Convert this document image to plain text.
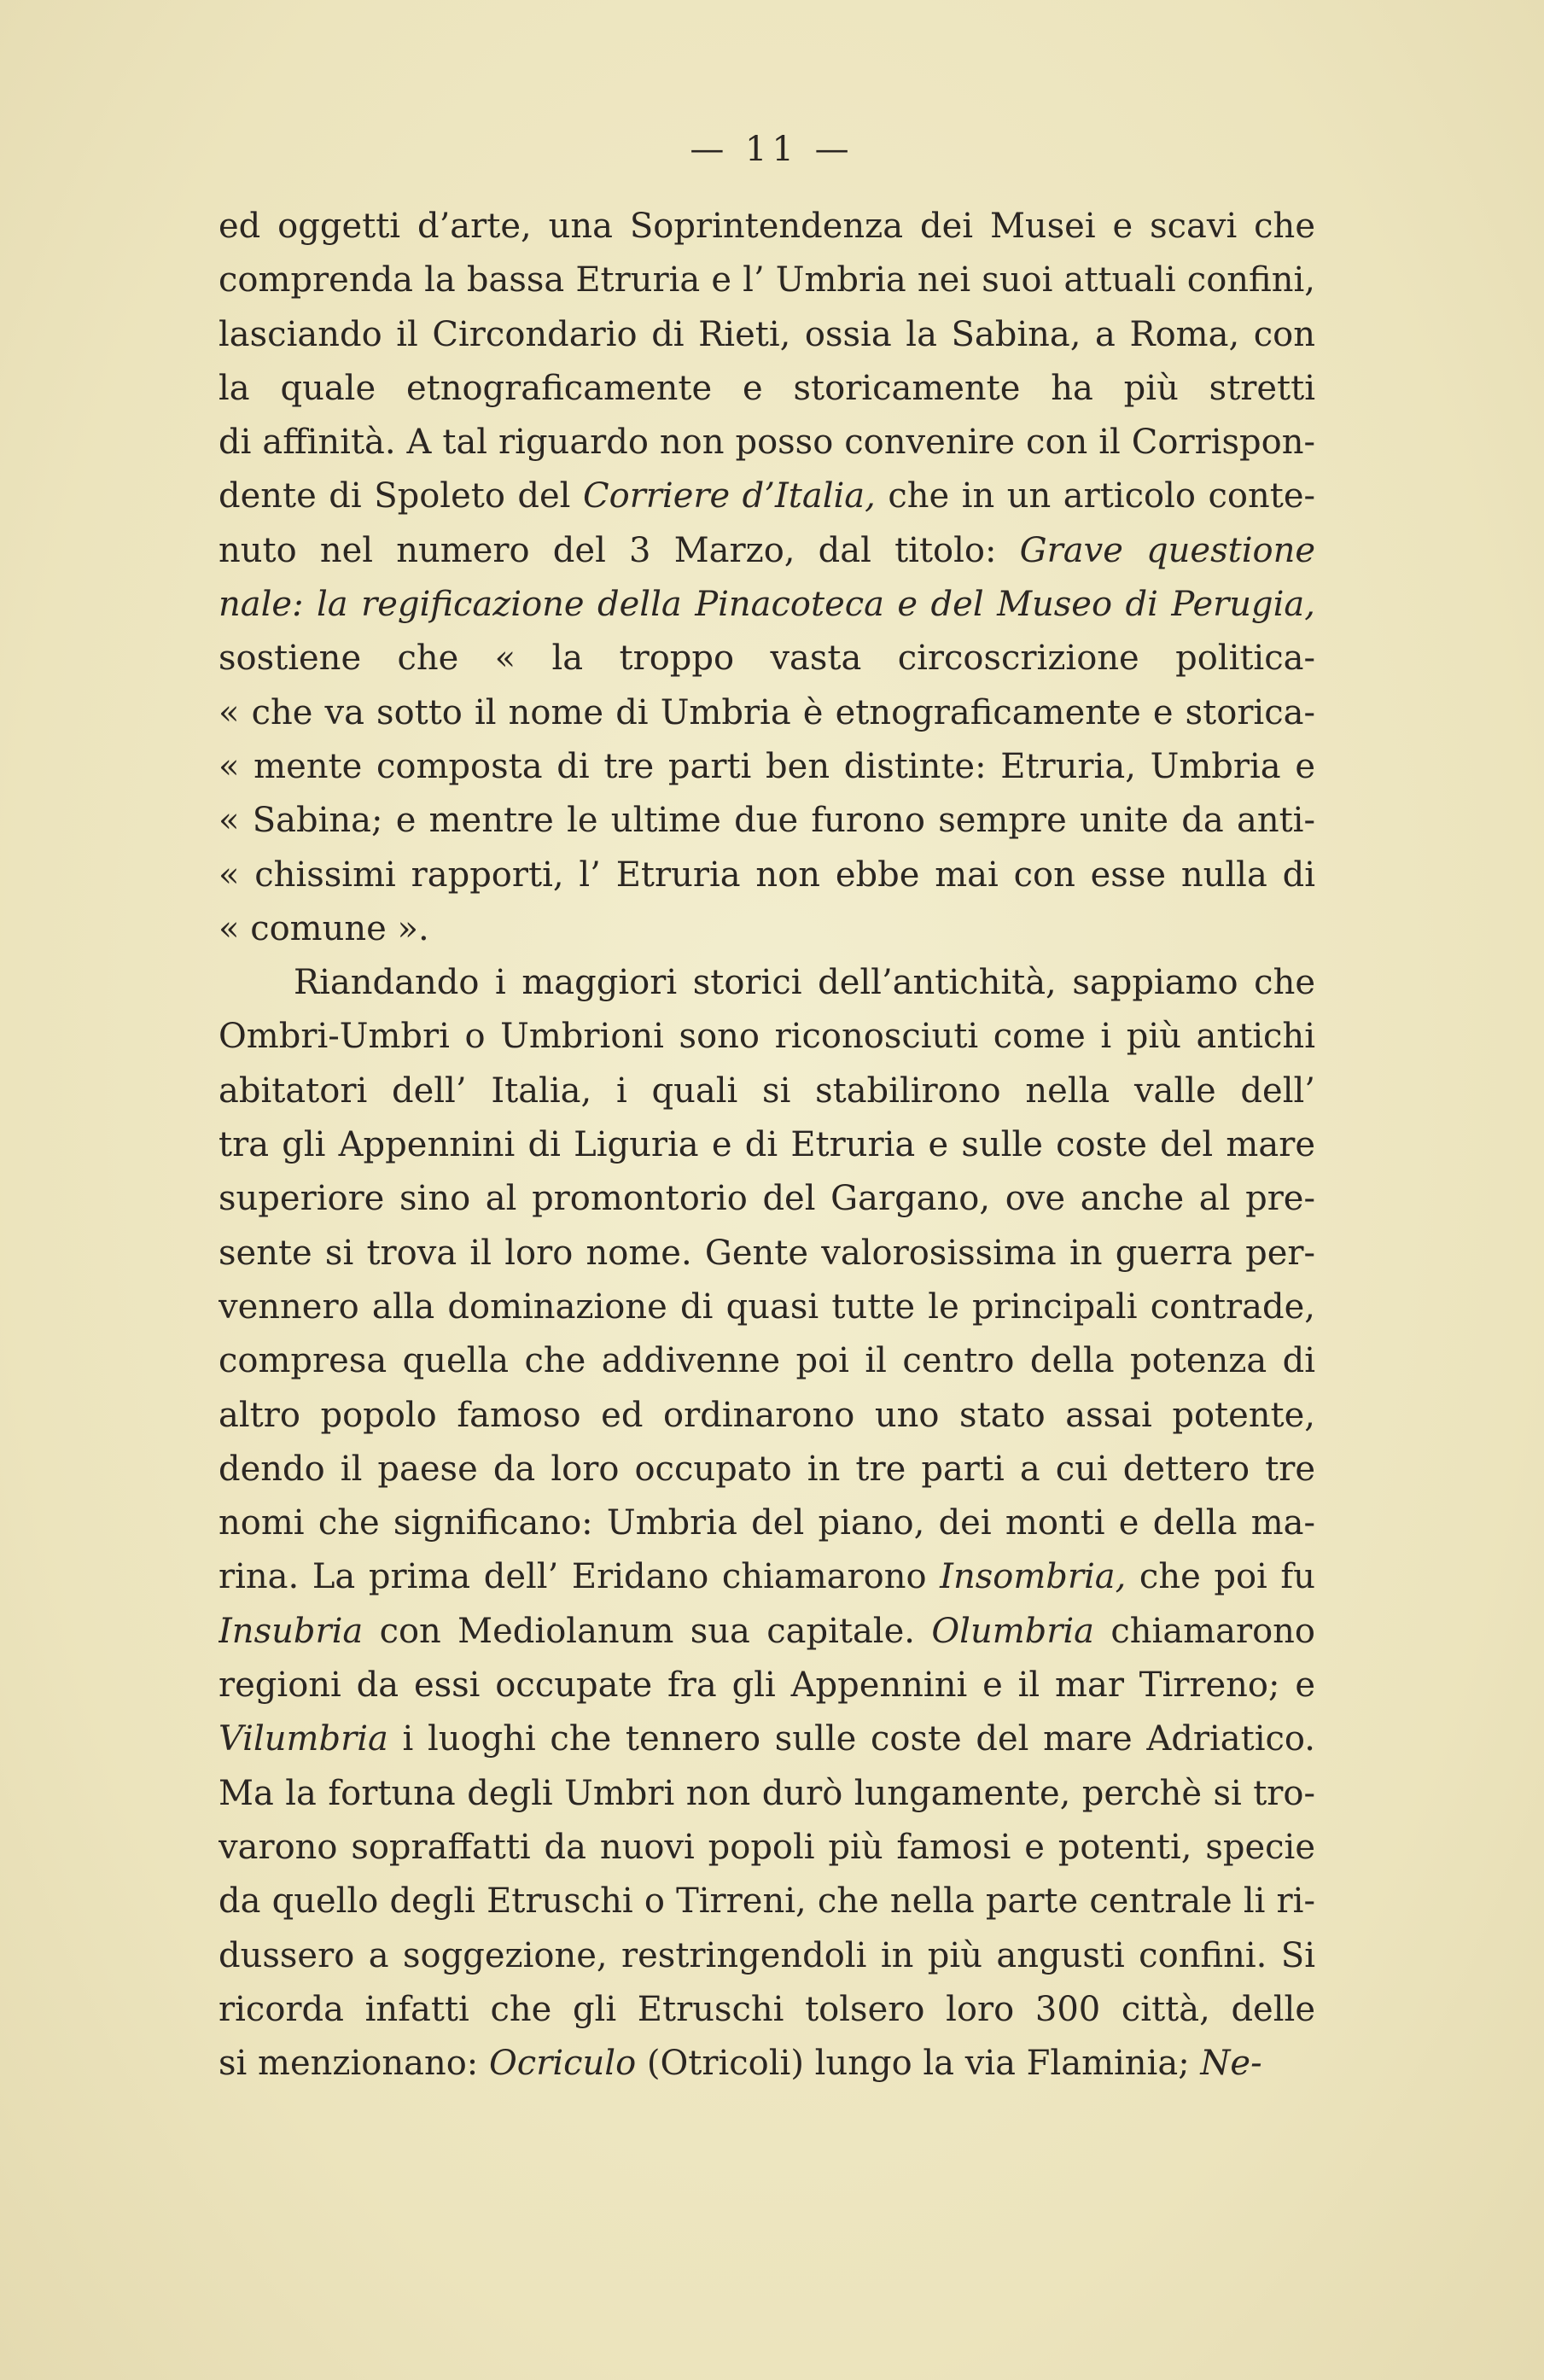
— 11 —
ed oggetti d’arte, una Soprintendenza dei Musei e scavi che
comprenda la bassa Etruria e l’ Umbria nei suoi attuali confini,
lasciando il Circondario di Rieti, ossia la Sabina, a Roma, con
la quale etnograficamente e storicamente ha più stretti
di affinità. A tal riguardo non posso convenire con il Corrispon-
dente di Spoleto del Corriere d’Italia, che in un articolo conte-
nuto nel numero del 3 Marzo, dal titolo: Grave questione
nale: la regificazione della Pinacoteca e del Museo di Perugia,
sostiene che « la troppo vasta circoscrizione politica-
« che va sotto il nome di Umbria è etnograficamente e storica-
« mente composta di tre parti ben distinte: Etruria, Umbria e
« Sabina; e mentre le ultime due furono sempre unite da anti-
« chissimi rapporti, l’ Etruria non ebbe mai con esse nulla di
« comune ».
Riandando i maggiori storici dell’antichità, sappiamo che
Ombri-Umbri o Umbrioni sono riconosciuti come i più antichi
abitatori dell’ Italia, i quali si stabilirono nella valle dell’
tra gli Appennini di Liguria e di Etruria e sulle coste del mare
superiore sino al promontorio del Gargano, ove anche al pre-
sente si trova il loro nome. Gente valorosissima in guerra per-
vennero alla dominazione di quasi tutte le principali contrade,
compresa quella che addivenne poi il centro della potenza di
altro popolo famoso ed ordinarono uno stato assai potente,
dendo il paese da loro occupato in tre parti a cui dettero tre
nomi che significano: Umbria del piano, dei monti e della ma-
rina. La prima dell’ Eridano chiamarono Insombria, che poi fu
Insubria con Mediolanum sua capitale. Olumbria chiamarono
regioni da essi occupate fra gli Appennini e il mar Tirreno; e
Vilumbria i luoghi che tennero sulle coste del mare Adriatico.
Ma la fortuna degli Umbri non durò lungamente, perchè si tro-
varono sopraffatti da nuovi popoli più famosi e potenti, specie
da quello degli Etruschi o Tirreni, che nella parte centrale li ri-
dussero a soggezione, restringendoli in più angusti confini. Si
ricorda infatti che gli Etruschi tolsero loro 300 città, delle
si menzionano: Ocriculo (Otricoli) lungo la via Flaminia; Ne-
